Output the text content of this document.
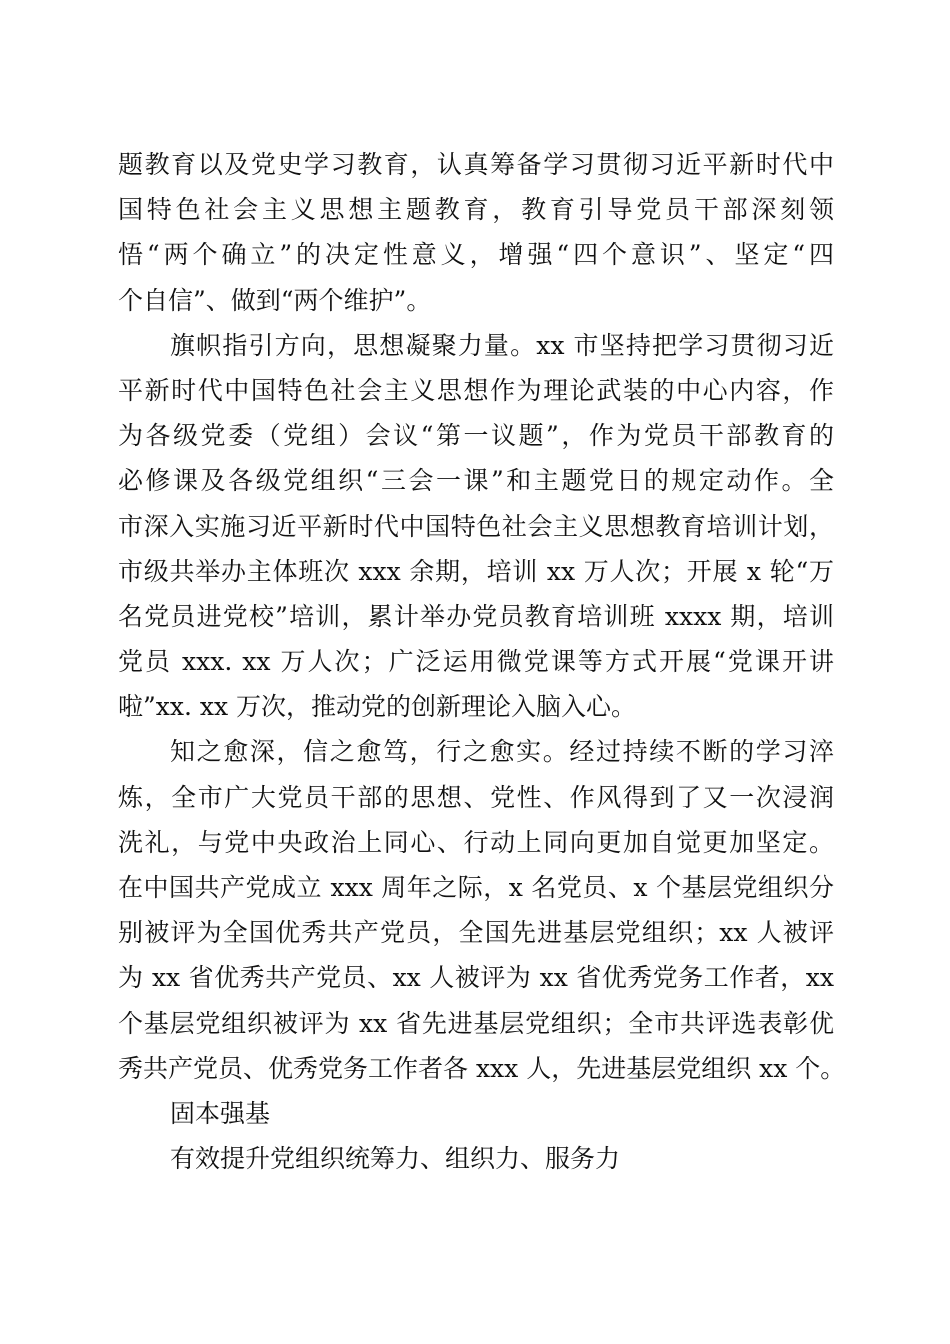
题教育以及党史学习教育，认真筹备学习贯彻习近平新时代中
国特色社会主义思想主题教育，教育引导党员干部深刻领
悟“两个确立”的决定性意义，增强“四个意识”、坚定“四
个自信”、做到“两个维护”。
旗帜指引方向，思想凝聚力量。xx 市坚持把学习贯彻习近
平新时代中国特色社会主义思想作为理论武装的中心内容，作
为各级党委（党组）会议“第一议题”，作为党员干部教育的
必修课及各级党组织“三会一课”和主题党日的规定动作。全
市深入实施习近平新时代中国特色社会主义思想教育培训计划，
市级共举办主体班次 xxx 余期，培训 xx 万人次；开展 x 轮“万
名党员进党校”培训，累计举办党员教育培训班 xxxx 期，培训
党员 xxx. xx 万人次；广泛运用微党课等方式开展“党课开讲
啦”xx. xx 万次，推动党的创新理论入脑入心。
知之愈深，信之愈笃，行之愈实。经过持续不断的学习淬
炼，全市广大党员干部的思想、党性、作风得到了又一次浸润
洗礼，与党中央政治上同心、行动上同向更加自觉更加坚定。
在中国共产党成立 xxx 周年之际，x 名党员、x 个基层党组织分
别被评为全国优秀共产党员，全国先进基层党组织；xx 人被评
为 xx 省优秀共产党员、xx 人被评为 xx 省优秀党务工作者，xx
个基层党组织被评为 xx 省先进基层党组织；全市共评选表彰优
秀共产党员、优秀党务工作者各 xxx 人，先进基层党组织 xx 个。
固本强基
有效提升党组织统筹力、组织力、服务力
